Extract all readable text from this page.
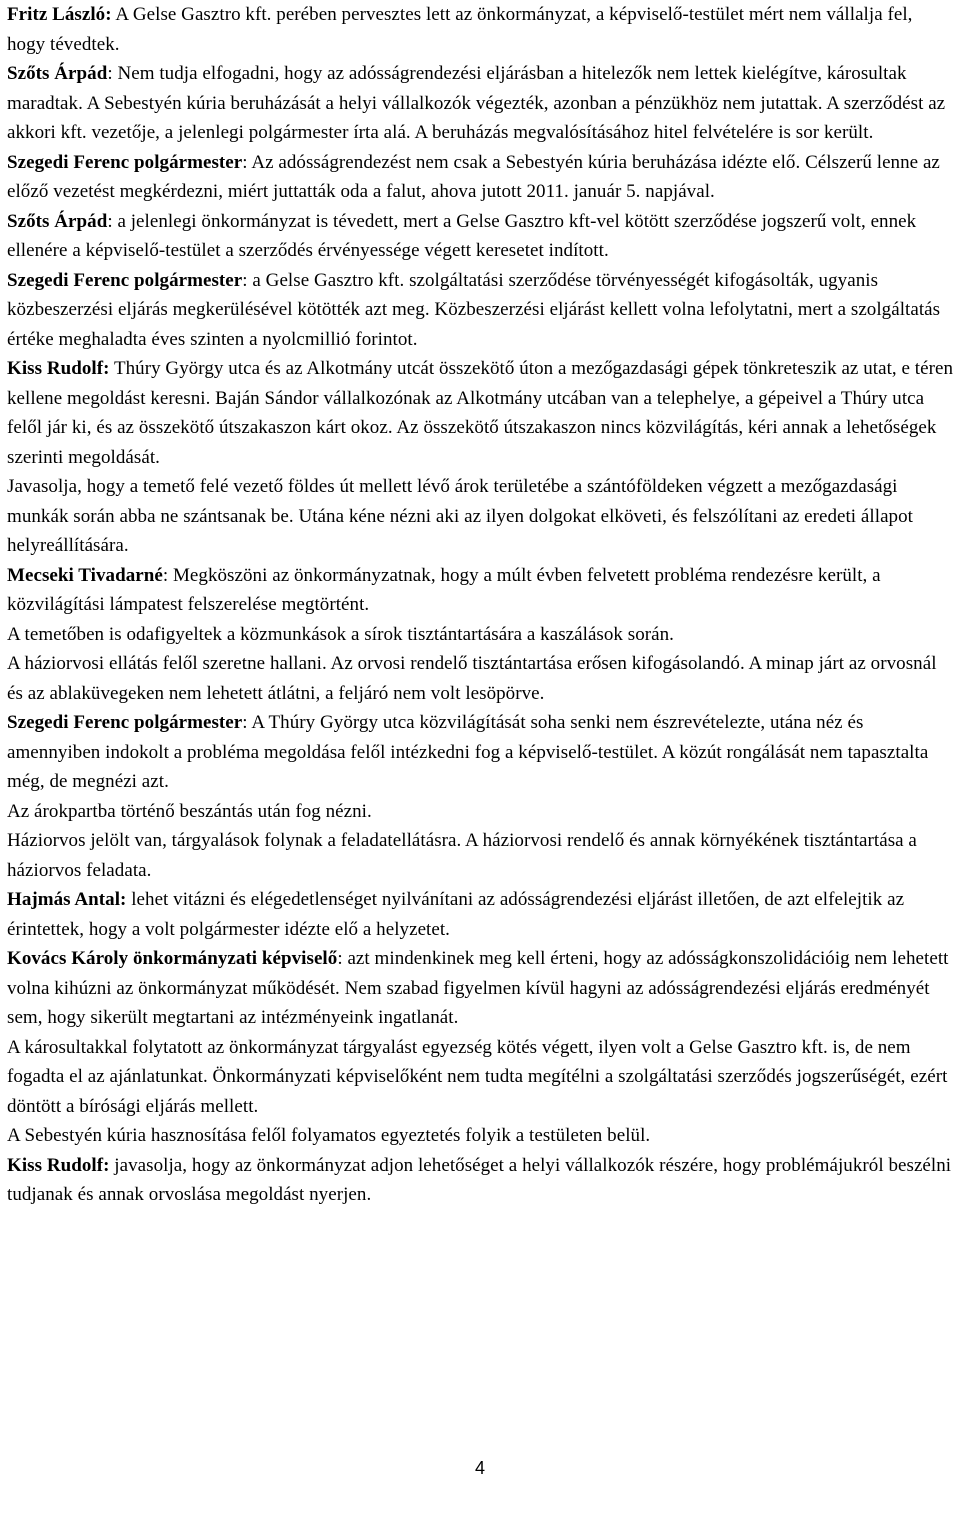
Fritz László: A Gelse Gasztro kft. perében pervesztes lett az önkormányzat, a képviselő-testület mért nem vállalja fel, hogy tévedtek.

Szőts Árpád: Nem tudja elfogadni, hogy az adósságrendezési eljárásban a hitelezők nem lettek kielégítve, károsultak maradtak. A Sebestyén kúria beruházását a helyi vállalkozók végezték, azonban a pénzükhöz nem jutattak. A szerződést az akkori kft. vezetője, a jelenlegi polgármester írta alá. A beruházás megvalósításához hitel felvételére is sor került.

Szegedi Ferenc polgármester: Az adósságrendezést nem csak a Sebestyén kúria beruházása idézte elő. Célszerű lenne az előző vezetést megkérdezni, miért juttatták oda a falut, ahova jutott 2011. január 5. napjával.

Szőts Árpád: a jelenlegi önkormányzat is tévedett, mert a Gelse Gasztro kft-vel kötött szerződése jogszerű volt, ennek ellenére a képviselő-testület a szerződés érvényessége végett keresetet indított.

Szegedi Ferenc polgármester: a Gelse Gasztro kft. szolgáltatási szerződése törvényességét kifogásolták, ugyanis közbeszerzési eljárás megkerülésével kötötték azt meg. Közbeszerzési eljárást kellett volna lefolytatni, mert a szolgáltatás értéke meghaladta éves szinten a nyolcmillió forintot.

Kiss Rudolf: Thúry György utca és az Alkotmány utcát összekötő úton a mezőgazdasági gépek tönkreteszik az utat, e téren kellene megoldást keresni. Baján Sándor vállalkozónak az Alkotmány utcában van a telephelye, a gépeivel a Thúry utca felől jár ki, és az összekötő útszakaszon kárt okoz. Az összekötő útszakaszon nincs közvilágítás, kéri annak a lehetőségek szerinti megoldását.

Javasolja, hogy a temető felé vezető földes út mellett lévő árok területébe a szántóföldeken végzett a mezőgazdasági munkák során abba ne szántsanak be. Utána kéne nézni aki az ilyen dolgokat elköveti, és felszólítani az eredeti állapot helyreállítására.

Mecseki Tivadarné: Megköszöni az önkormányzatnak, hogy a múlt évben felvetett probléma rendezésre került, a közvilágítási lámpatest felszerelése megtörtént.

A temetőben is odafigyeltek a közmunkások a sírok tisztántartására a kaszálások során.

A háziorvosi ellátás felől szeretne hallani. Az orvosi rendelő tisztántartása erősen kifogásolandó. A minap járt az orvosnál és az ablaküvegeken nem lehetett átlátni, a feljáró nem volt lesöpörve.

Szegedi Ferenc polgármester: A Thúry György utca közvilágítását soha senki nem észrevételezte, utána néz és amennyiben indokolt a probléma megoldása felől intézkedni fog a képviselő-testület. A közút rongálását nem tapasztalta még, de megnézi azt.

Az árokpartba történő beszántás után fog nézni.

Háziorvos jelölt van, tárgyalások folynak a feladatellátásra. A háziorvosi rendelő és annak környékének tisztántartása a háziorvos feladata.

Hajmás Antal: lehet vitázni és elégedetlenséget nyilvánítani az adósságrendezési eljárást illetően, de azt elfelejtik az érintettek, hogy a volt polgármester idézte elő a helyzetet.

Kovács Károly önkormányzati képviselő: azt mindenkinek meg kell érteni, hogy az adósságkonszolidációig nem lehetett volna kihúzni az önkormányzat működését. Nem szabad figyelmen kívül hagyni az adósságrendezési eljárás eredményét sem, hogy sikerült megtartani az intézményeink ingatlanát.

A károsultakkal folytatott az önkormányzat tárgyalást egyezség kötés végett, ilyen volt a Gelse Gasztro kft. is, de nem fogadta el az ajánlatunkat. Önkormányzati képviselőként nem tudta megítélni a szolgáltatási szerződés jogszerűségét, ezért döntött a bírósági eljárás mellett.

A Sebestyén kúria hasznosítása felől folyamatos egyeztetés folyik a testületen belül.

Kiss Rudolf: javasolja, hogy az önkormányzat adjon lehetőséget a helyi vállalkozók részére, hogy problémájukról beszélni tudjanak és annak orvoslása megoldást nyerjen.

4
